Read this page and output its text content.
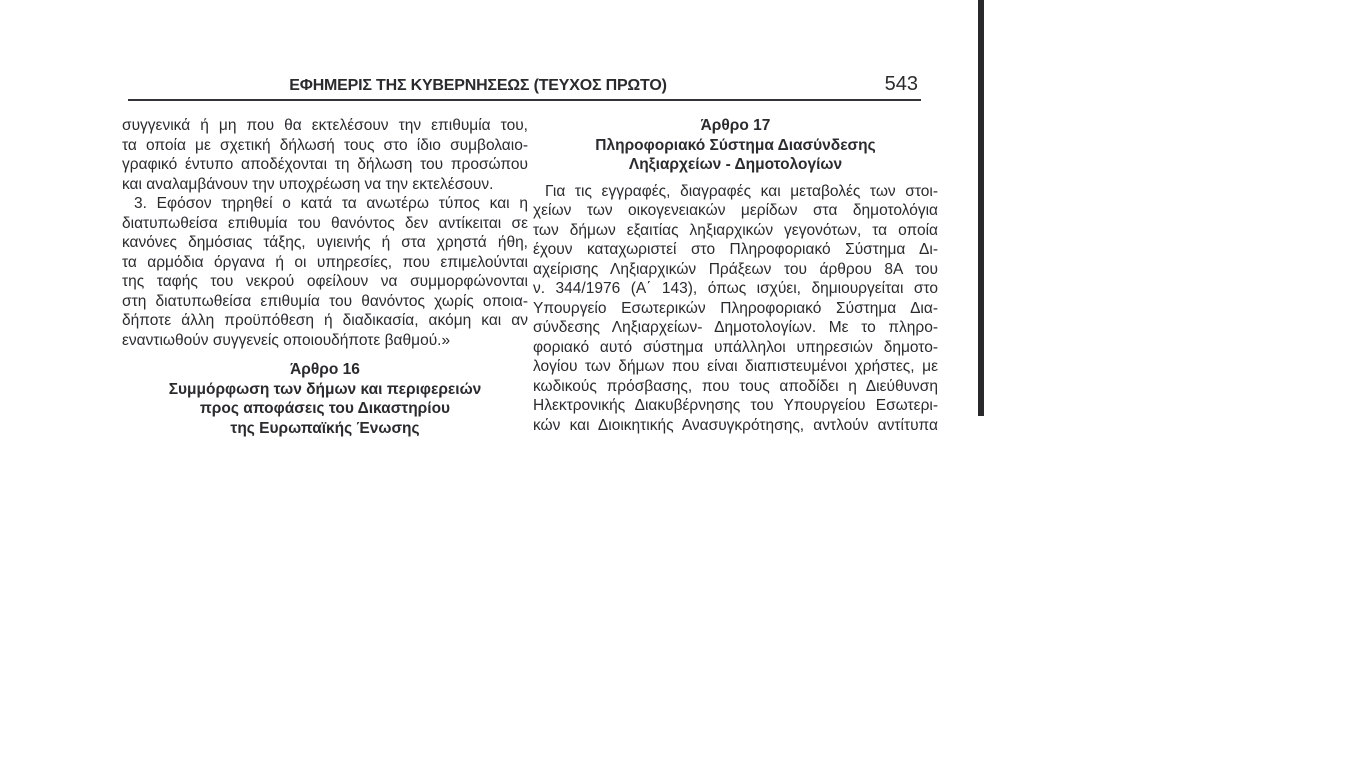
ΕΦΗΜΕΡΙΣ ΤΗΣ ΚΥΒΕΡΝΗΣΕΩΣ (ΤΕΥΧΟΣ ΠΡΩΤΟ)	543
συγγενικά ή μη που θα εκτελέσουν την επιθυμία του,
τα οποία με σχετική δήλωσή τους στο ίδιο συμβολαιο-
γραφικό έντυπο αποδέχονται τη δήλωση του προσώπου
και αναλαμβάνουν την υποχρέωση να την εκτελέσουν.
3. Εφόσον τηρηθεί ο κατά τα ανωτέρω τύπος και η
διατυπωθείσα επιθυμία του θανόντος δεν αντίκειται σε
κανόνες δημόσιας τάξης, υγιεινής ή στα χρηστά ήθη,
τα αρμόδια όργανα ή οι υπηρεσίες, που επιμελούνται
της ταφής του νεκρού οφείλουν να συμμορφώνονται
στη διατυπωθείσα επιθυμία του θανόντος χωρίς οποια-
δήποτε άλλη προϋπόθεση ή διαδικασία, ακόμη και αν
εναντιωθούν συγγενείς οποιουδήποτε βαθμού.»
Άρθρο 16
Συμμόρφωση των δήμων και περιφερειών
προς αποφάσεις του Δικαστηρίου
της Ευρωπαϊκής Ένωσης
Άρθρο 17
Πληροφοριακό Σύστημα Διασύνδεσης
Ληξιαρχείων - Δημοτολογίων
Για τις εγγραφές, διαγραφές και μεταβολές των στοι-
χείων των οικογενειακών μερίδων στα δημοτολόγια
των δήμων εξαιτίας ληξιαρχικών γεγονότων, τα οποία
έχουν καταχωριστεί στο Πληροφοριακό Σύστημα Δι-
αχείρισης Ληξιαρχικών Πράξεων του άρθρου 8Α του
ν. 344/1976 (Α΄ 143), όπως ισχύει, δημιουργείται στο
Υπουργείο Εσωτερικών Πληροφοριακό Σύστημα Δια-
σύνδεσης Ληξιαρχείων- Δημοτολογίων. Με το πληρο-
φοριακό αυτό σύστημα υπάλληλοι υπηρεσιών δημοτο-
λογίου των δήμων που είναι διαπιστευμένοι χρήστες, με
κωδικούς πρόσβασης, που τους αποδίδει η Διεύθυνση
Ηλεκτρονικής Διακυβέρνησης του Υπουργείου Εσωτερι-
κών και Διοικητικής Ανασυγκρότησης, αντλούν αντίτυπα
